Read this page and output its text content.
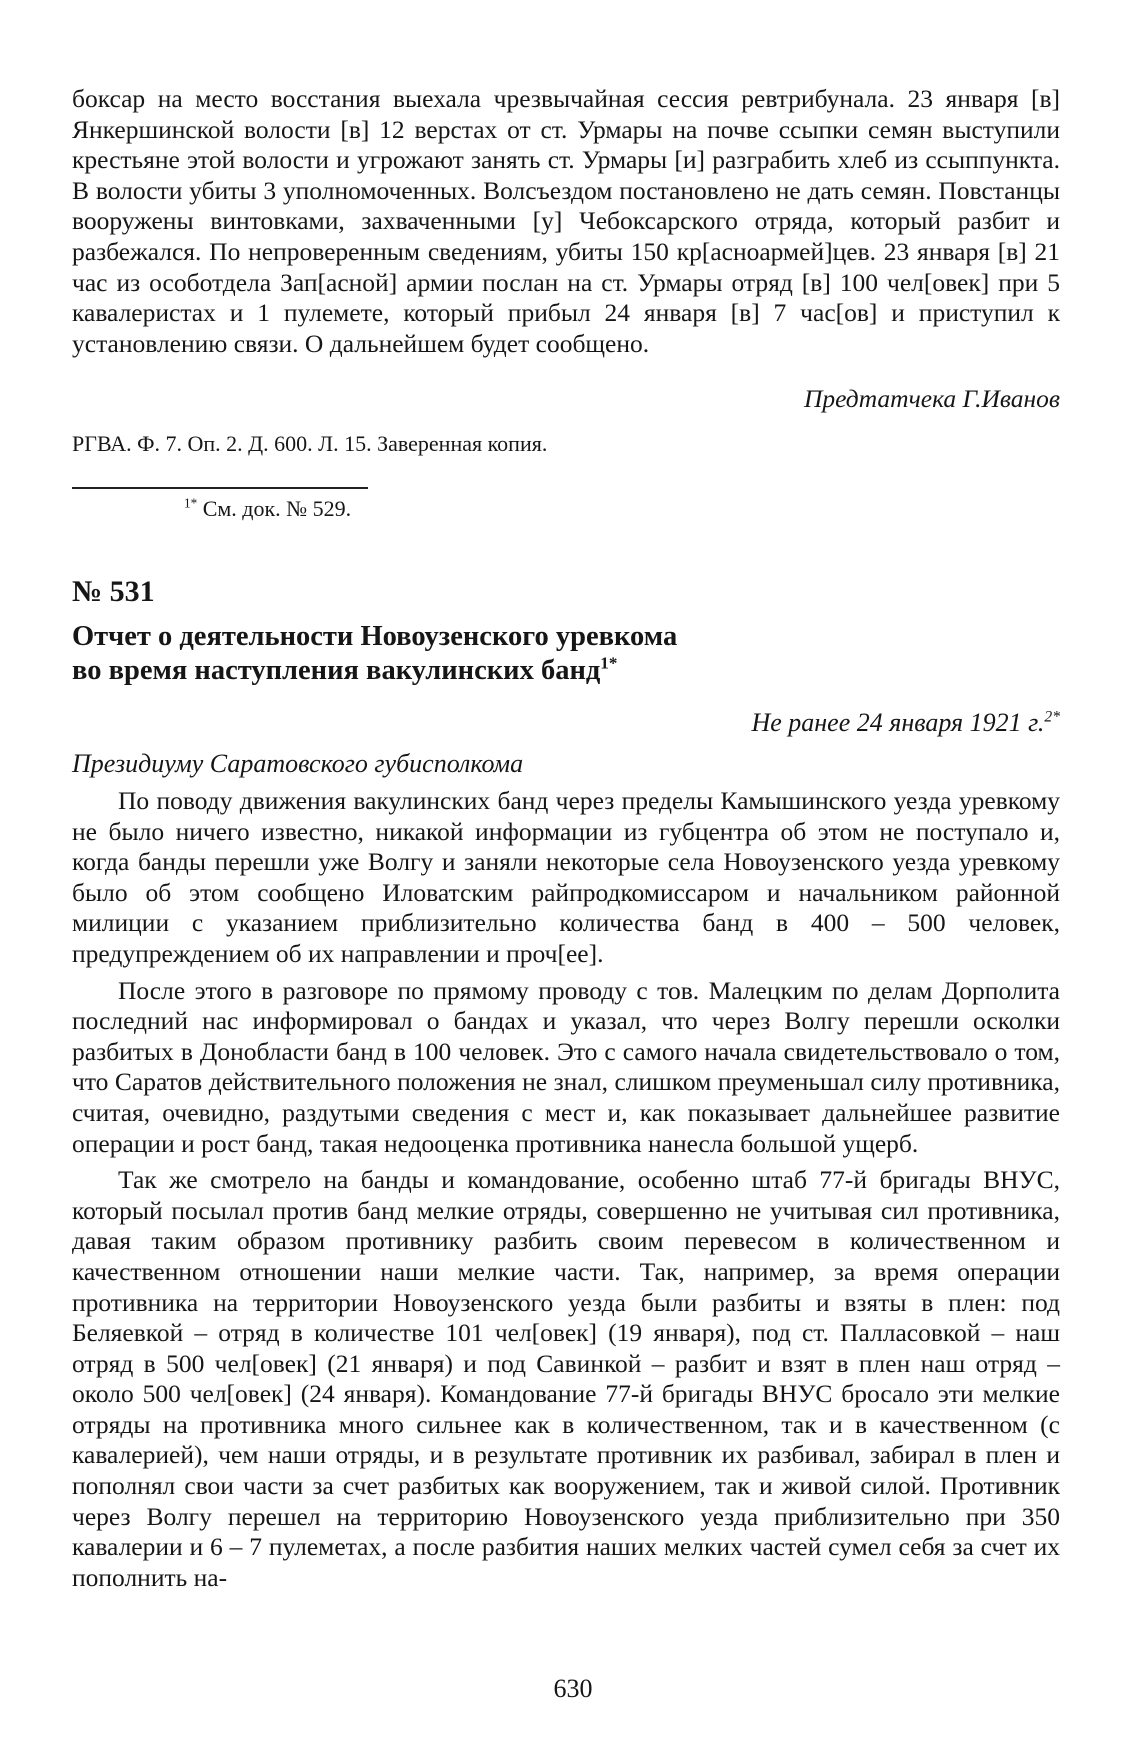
боксар на место восстания выехала чрезвычайная сессия ревтрибунала. 23 января [в] Янкершинской волости [в] 12 верстах от ст. Урмары на почве ссыпки семян выступили крестьяне этой волости и угрожают занять ст. Урмары [и] разграбить хлеб из ссыппункта. В волости убиты 3 уполномоченных. Волсъездом постановлено не дать семян. Повстанцы вооружены винтовками, захваченными [у] Чебоксарского отряда, который разбит и разбежался. По непроверенным сведениям, убиты 150 кр[асноармей]цев. 23 января [в] 21 час из особотдела Зап[асной] армии послан на ст. Урмары отряд [в] 100 чел[овек] при 5 кавалеристах и 1 пулемете, который прибыл 24 января [в] 7 час[ов] и приступил к установлению связи. О дальнейшем будет сообщено.

Предтатчека Г.Иванов

РГВА. Ф. 7. Оп. 2. Д. 600. Л. 15. Заверенная копия.

$^{1*}$ См. док. № 529.

№ 531

Отчет о деятельности Новоузенского уревкома

во время наступления вакулинских банд$^{1*}$

Не ранее 24 января 1921 г.$^{2*}$

Президиуму Саратовского губисполкома

По поводу движения вакулинских банд через пределы Камышинского уезда уревкому не было ничего известно, никакой информации из губцентра об этом не поступало и, когда банды перешли уже Волгу и заняли некоторые села Новоузенского уезда уревкому было об этом сообщено Иловатским райпродкомиссаром и начальником районной милиции с указанием приблизительно количества банд в 400 – 500 человек, предупреждением об их направлении и проч[ее].

После этого в разговоре по прямому проводу с тов. Малецким по делам Дорполита последний нас информировал о бандах и указал, что через Волгу перешли осколки разбитых в Донобласти банд в 100 человек. Это с самого начала свидетельствовало о том, что Саратов действительного положения не знал, слишком преуменьшал силу противника, считая, очевидно, раздутыми сведения с мест и, как показывает дальнейшее развитие операции и рост банд, такая недооценка противника нанесла большой ущерб.

Так же смотрело на банды и командование, особенно штаб 77-й бригады ВНУС, который посылал против банд мелкие отряды, совершенно не учитывая сил противника, давая таким образом противнику разбить своим перевесом в количественном и качественном отношении наши мелкие части. Так, например, за время операции противника на территории Новоузенского уезда были разбиты и взяты в плен: под Беляевкой – отряд в количестве 101 чел[овек] (19 января), под ст. Палласовкой – наш отряд в 500 чел[овек] (21 января) и под Савинкой – разбит и взят в плен наш отряд – около 500 чел[овек] (24 января). Командование 77-й бригады ВНУС бросало эти мелкие отряды на противника много сильнее как в количественном, так и в качественном (с кавалерией), чем наши отряды, и в результате противник их разбивал, забирал в плен и пополнял свои части за счет разбитых как вооружением, так и живой силой. Противник через Волгу перешел на территорию Новоузенского уезда приблизительно при 350 кавалерии и 6 – 7 пулеметах, а после разбития наших мелких частей сумел себя за счет их пополнить на-

630
